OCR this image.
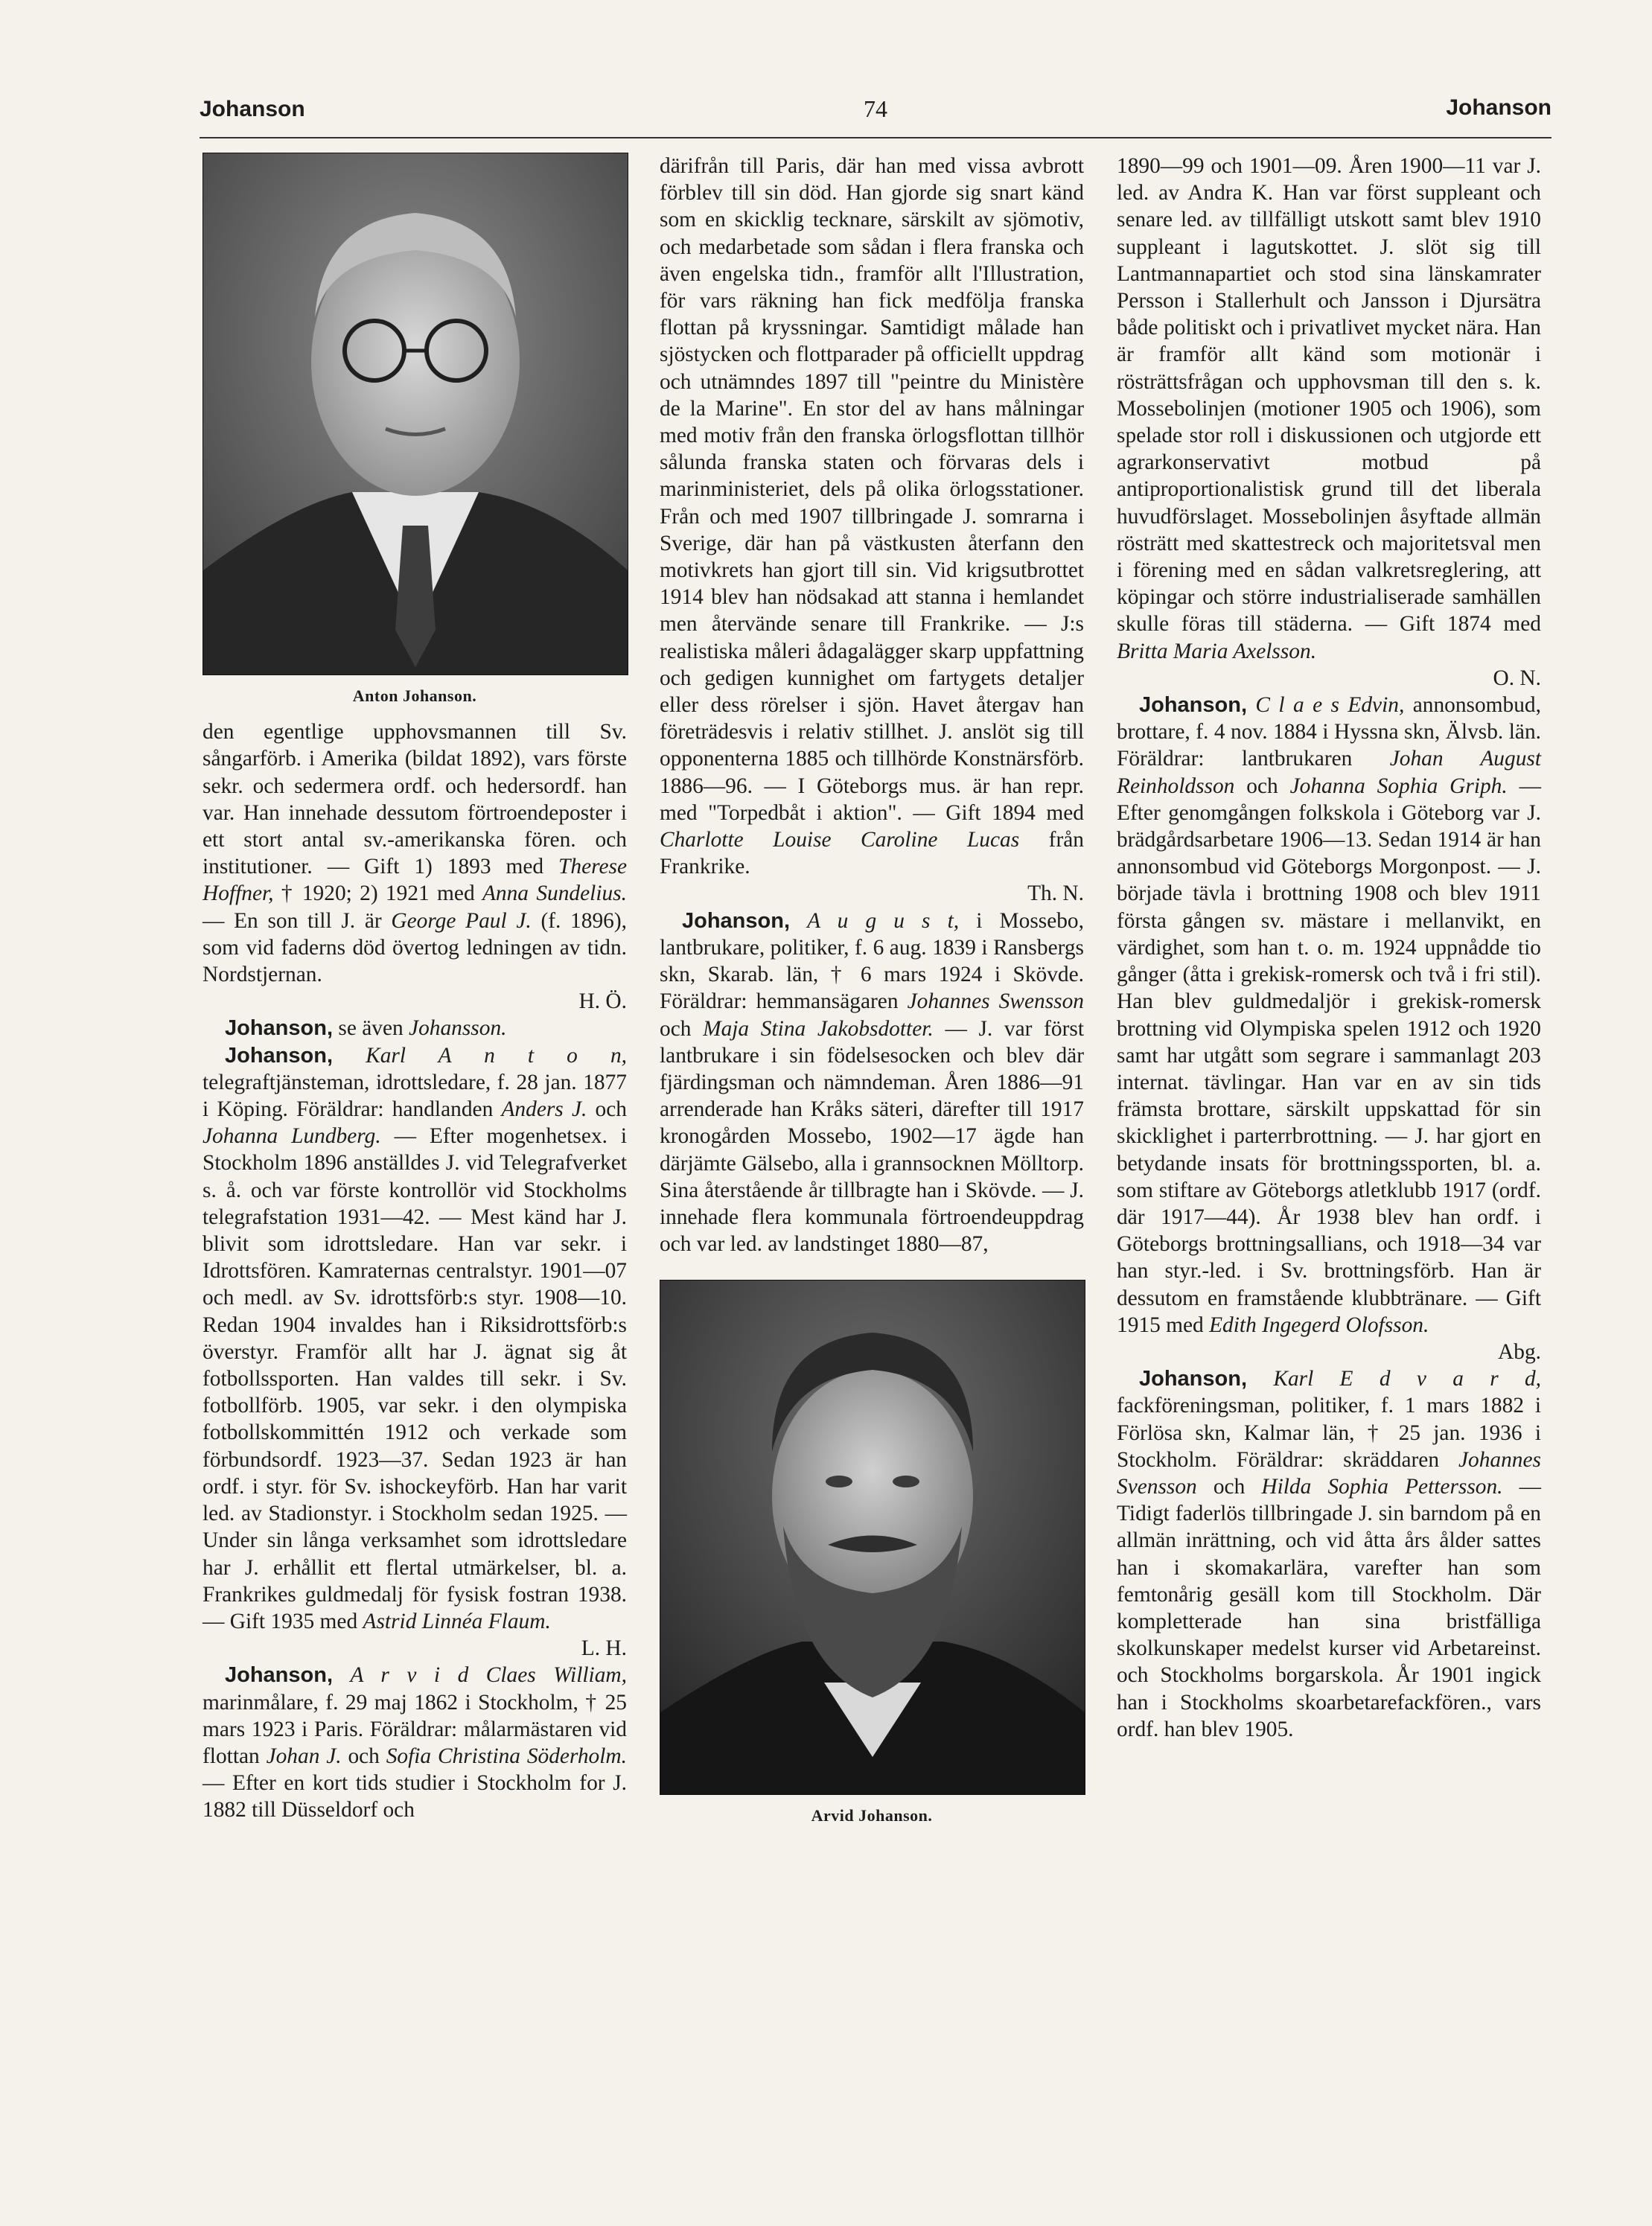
Johanson	74	Johanson
Anton Johanson.

den egentlige upphovsmannen till Sv. sångarförb. i Amerika (bildat 1892), vars förste sekr. och sedermera ordf. och hedersordf. han var. Han innehade dessutom förtroendeposter i ett stort antal sv.-amerikanska fören. och institutioner. — Gift 1) 1893 med Therese Hoffner, † 1920; 2) 1921 med Anna Sundelius. — En son till J. är George Paul J. (f. 1896), som vid faderns död övertog ledningen av tidn. Nordstjernan.
H. Ö.

Johanson, se även Johansson.

Johanson, Karl A n t o n, telegraftjänsteman, idrottsledare, f. 28 jan. 1877 i Köping. Föräldrar: handlanden Anders J. och Johanna Lundberg. — Efter mogenhetsex. i Stockholm 1896 anställdes J. vid Telegrafverket s. å. och var förste kontrollör vid Stockholms telegrafstation 1931—42. — Mest känd har J. blivit som idrottsledare. Han var sekr. i Idrottsfören. Kamraternas centralstyr. 1901—07 och medl. av Sv. idrottsförb:s styr. 1908—10. Redan 1904 invaldes han i Riksidrottsförb:s överstyr. Framför allt har J. ägnat sig åt fotbollssporten. Han valdes till sekr. i Sv. fotbollförb. 1905, var sekr. i den olympiska fotbollskommittén 1912 och verkade som förbundsordf. 1923—37. Sedan 1923 är han ordf. i styr. för Sv. ishockeyförb. Han har varit led. av Stadionstyr. i Stockholm sedan 1925. — Under sin långa verksamhet som idrottsledare har J. erhållit ett flertal utmärkelser, bl. a. Frankrikes guldmedalj för fysisk fostran 1938. — Gift 1935 med Astrid Linnéa Flaum.
L. H.

Johanson, A r v i d Claes William, marinmålare, f. 29 maj 1862 i Stockholm, † 25 mars 1923 i Paris. Föräldrar: målarmästaren vid flottan Johan J. och Sofia Christina Söderholm. — Efter en kort tids studier i Stockholm for J. 1882 till Düsseldorf och

därifrån till Paris, där han med vissa avbrott förblev till sin död. Han gjorde sig snart känd som en skicklig tecknare, särskilt av sjömotiv, och medarbetade som sådan i flera franska och även engelska tidn., framför allt l'Illustration, för vars räkning han fick medfölja franska flottan på kryssningar. Samtidigt målade han sjöstycken och flottparader på officiellt uppdrag och utnämndes 1897 till "peintre du Ministère de la Marine". En stor del av hans målningar med motiv från den franska örlogsflottan tillhör sålunda franska staten och förvaras dels i marinministeriet, dels på olika örlogsstationer. Från och med 1907 tillbringade J. somrarna i Sverige, där han på västkusten återfann den motivkrets han gjort till sin. Vid krigsutbrottet 1914 blev han nödsakad att stanna i hemlandet men återvände senare till Frankrike. — J:s realistiska måleri ådagalägger skarp uppfattning och gedigen kunnighet om fartygets detaljer eller dess rörelser i sjön. Havet återgav han företrädesvis i relativ stillhet. J. anslöt sig till opponenterna 1885 och tillhörde Konstnärsförb. 1886—96. — I Göteborgs mus. är han repr. med "Torpedbåt i aktion". — Gift 1894 med Charlotte Louise Caroline Lucas från Frankrike.
Th. N.

Johanson, A u g u s t, i Mossebo, lantbrukare, politiker, f. 6 aug. 1839 i Ransbergs skn, Skarab. län, † 6 mars 1924 i Skövde. Föräldrar: hemmansägaren Johannes Swensson och Maja Stina Jakobsdotter. — J. var först lantbrukare i sin födelsesocken och blev där fjärdingsman och nämndeman. Åren 1886—91 arrenderade han Kråks säteri, därefter till 1917 kronogården Mossebo, 1902—17 ägde han därjämte Gälsebo, alla i grannsocknen Mölltorp. Sina återstående år tillbragte han i Skövde. — J. innehade flera kommunala förtroendeuppdrag och var led. av landstinget 1880—87,

Arvid Johanson.

1890—99 och 1901—09. Åren 1900—11 var J. led. av Andra K. Han var först suppleant och senare led. av tillfälligt utskott samt blev 1910 suppleant i lagutskottet. J. slöt sig till Lantmannapartiet och stod sina länskamrater Persson i Stallerhult och Jansson i Djursätra både politiskt och i privatlivet mycket nära. Han är framför allt känd som motionär i rösträttsfrågan och upphovsman till den s. k. Mossebolinjen (motioner 1905 och 1906), som spelade stor roll i diskussionen och utgjorde ett agrarkonservativt motbud på antiproportionalistisk grund till det liberala huvudförslaget. Mossebolinjen åsyftade allmän rösträtt med skattestreck och majoritetsval men i förening med en sådan valkretsreglering, att köpingar och större industrialiserade samhällen skulle föras till städerna. — Gift 1874 med Britta Maria Axelsson.
O. N.

Johanson, C l a e s Edvin, annonsombud, brottare, f. 4 nov. 1884 i Hyssna skn, Älvsb. län. Föräldrar: lantbrukaren Johan August Reinholdsson och Johanna Sophia Griph. — Efter genomgången folkskola i Göteborg var J. brädgårdsarbetare 1906—13. Sedan 1914 är han annonsombud vid Göteborgs Morgonpost. — J. började tävla i brottning 1908 och blev 1911 första gången sv. mästare i mellanvikt, en värdighet, som han t. o. m. 1924 uppnådde tio gånger (åtta i grekisk-romersk och två i fri stil). Han blev guldmedaljör i grekisk-romersk brottning vid Olympiska spelen 1912 och 1920 samt har utgått som segrare i sammanlagt 203 internat. tävlingar. Han var en av sin tids främsta brottare, särskilt uppskattad för sin skicklighet i parterrbrottning. — J. har gjort en betydande insats för brottningssporten, bl. a. som stiftare av Göteborgs atletklubb 1917 (ordf. där 1917—44). År 1938 blev han ordf. i Göteborgs brottningsallians, och 1918—34 var han styr.-led. i Sv. brottningsförb. Han är dessutom en framstående klubbtränare. — Gift 1915 med Edith Ingegerd Olofsson.
Abg.

Johanson, Karl E d v a r d, fackföreningsman, politiker, f. 1 mars 1882 i Förlösa skn, Kalmar län, † 25 jan. 1936 i Stockholm. Föräldrar: skräddaren Johannes Svensson och Hilda Sophia Pettersson. — Tidigt faderlös tillbringade J. sin barndom på en allmän inrättning, och vid åtta års ålder sattes han i skomakarlära, varefter han som femtonårig gesäll kom till Stockholm. Där kompletterade han sina bristfälliga skolkunskaper medelst kurser vid Arbetareinst. och Stockholms borgarskola. År 1901 ingick han i Stockholms skoarbetarefackfören., vars ordf. han blev 1905.
